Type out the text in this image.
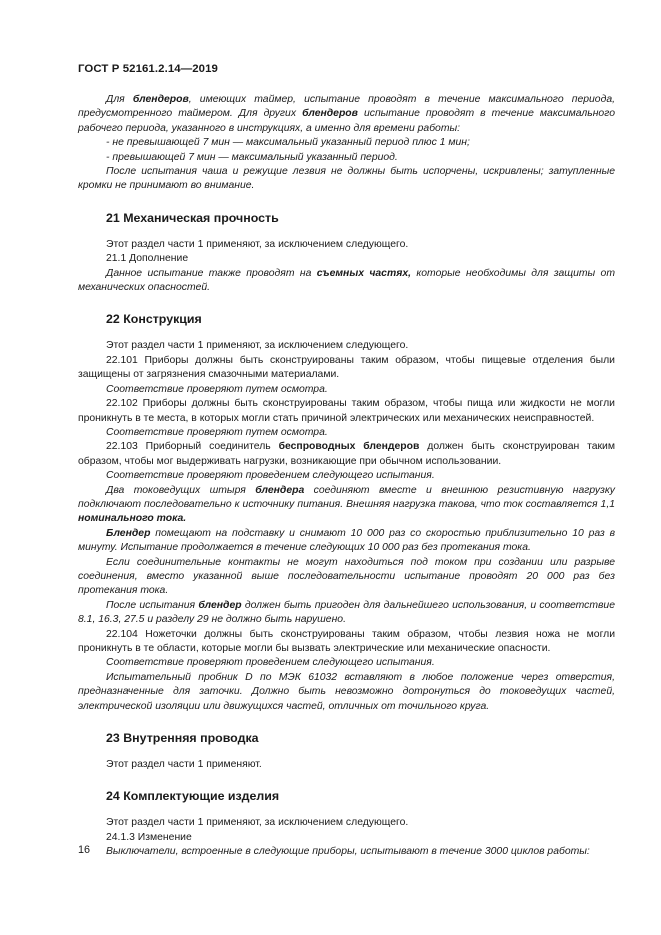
ГОСТ Р 52161.2.14—2019

Для блендеров, имеющих таймер, испытание проводят в течение максимального периода, предусмотренного таймером. Для других блендеров испытание проводят в течение максимального рабочего периода, указанного в инструкциях, а именно для времени работы:

- не превышающей 7 мин — максимальный указанный период плюс 1 мин;

- превышающей 7 мин — максимальный указанный период.

После испытания чаша и режущие лезвия не должны быть испорчены, искривлены; затупленные кромки не принимают во внимание.

21 Механическая прочность

Этот раздел части 1 применяют, за исключением следующего.

21.1 Дополнение

Данное испытание также проводят на съемных частях, которые необходимы для защиты от механических опасностей.

22 Конструкция

Этот раздел части 1 применяют, за исключением следующего.

22.101 Приборы должны быть сконструированы таким образом, чтобы пищевые отделения были защищены от загрязнения смазочными материалами.

Соответствие проверяют путем осмотра.

22.102 Приборы должны быть сконструированы таким образом, чтобы пища или жидкости не могли проникнуть в те места, в которых могли стать причиной электрических или механических неисправностей.

Соответствие проверяют путем осмотра.

22.103 Приборный соединитель беспроводных блендеров должен быть сконструирован таким образом, чтобы мог выдерживать нагрузки, возникающие при обычном использовании.

Соответствие проверяют проведением следующего испытания.

Два токоведущих штыря блендера соединяют вместе и внешнюю резистивную нагрузку подключают последовательно к источнику питания. Внешняя нагрузка такова, что ток составляется 1,1 номинального тока.

Блендер помещают на подставку и снимают 10 000 раз со скоростью приблизительно 10 раз в минуту. Испытание продолжается в течение следующих 10 000 раз без протекания тока.

Если соединительные контакты не могут находиться под током при создании или разрыве соединения, вместо указанной выше последовательности испытание проводят 20 000 раз без протекания тока.

После испытания блендер должен быть пригоден для дальнейшего использования, и соответствие 8.1, 16.3, 27.5 и разделу 29 не должно быть нарушено.

22.104 Ножеточки должны быть сконструированы таким образом, чтобы лезвия ножа не могли проникнуть в те области, которые могли бы вызвать электрические или механические опасности.

Соответствие проверяют проведением следующего испытания.

Испытательный пробник D по МЭК 61032 вставляют в любое положение через отверстия, предназначенные для заточки. Должно быть невозможно дотронуться до токоведущих частей, электрической изоляции или движущихся частей, отличных от точильного круга.

23 Внутренняя проводка

Этот раздел части 1 применяют.

24 Комплектующие изделия

Этот раздел части 1 применяют, за исключением следующего.

24.1.3 Изменение

Выключатели, встроенные в следующие приборы, испытывают в течение 3000 циклов работы:

16
